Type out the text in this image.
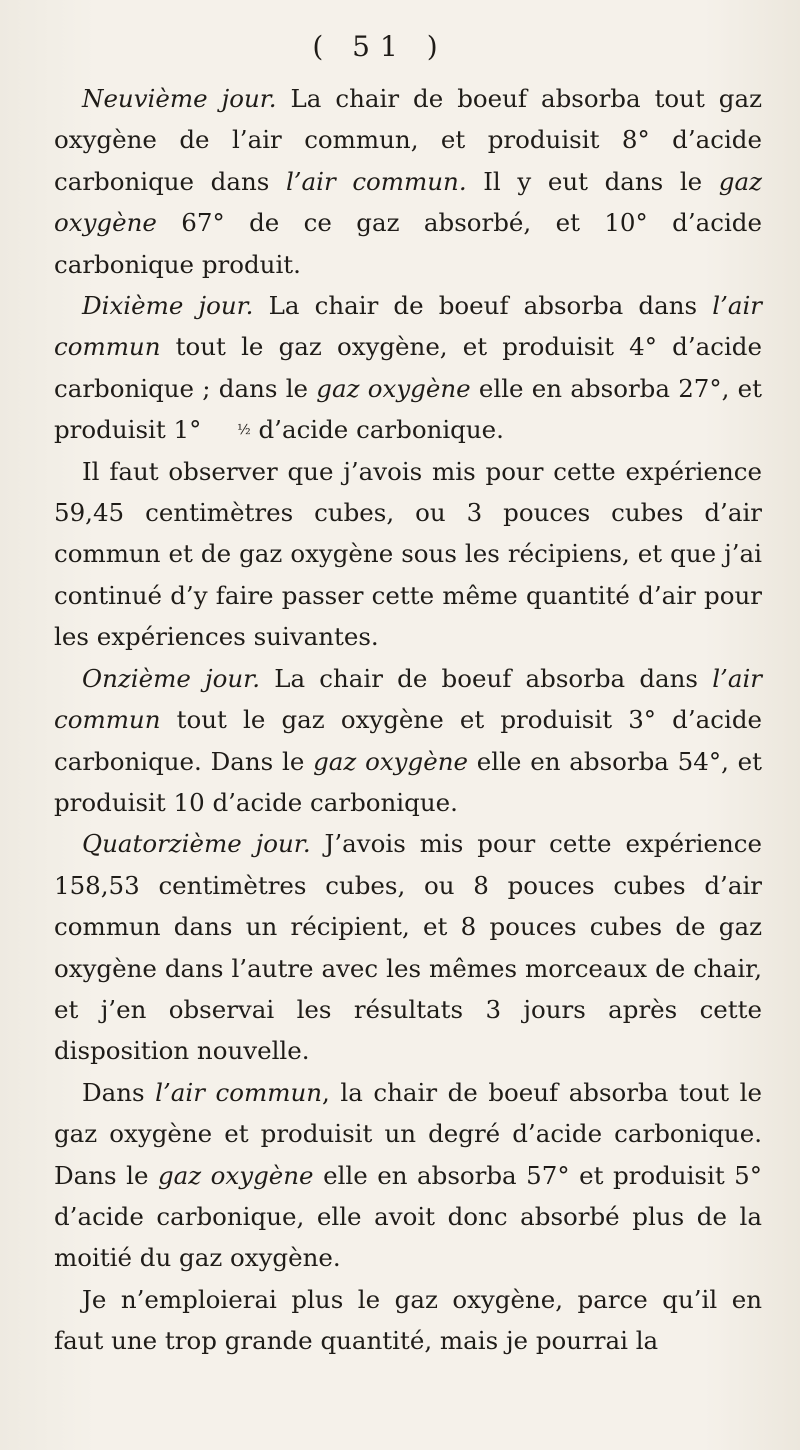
( 51 )

Neuvième jour. La chair de boeuf absorba tout gaz oxygène de l’air commun, et produisit 8° d’acide carbonique dans l’air commun. Il y eut dans le gaz oxygène 67° de ce gaz absorbé, et 10° d’acide carbonique produit.

Dixième jour. La chair de boeuf absorba dans l’air commun tout le gaz oxygène, et produisit 4° d’acide carbonique ; dans le gaz oxygène elle en absorba 27°, et produisit 1° ½ d’acide carbonique.

Il faut observer que j’avois mis pour cette expérience 59,45 centimètres cubes, ou 3 pouces cubes d’air commun et de gaz oxygène sous les récipiens, et que j’ai continué d’y faire passer cette même quantité d’air pour les expériences suivantes.

Onzième jour. La chair de boeuf absorba dans l’air commun tout le gaz oxygène et produisit 3° d’acide carbonique. Dans le gaz oxygène elle en absorba 54°, et produisit 10 d’acide carbonique.

Quatorzième jour. J’avois mis pour cette expérience 158,53 centimètres cubes, ou 8 pouces cubes d’air commun dans un récipient, et 8 pouces cubes de gaz oxygène dans l’autre avec les mêmes morceaux de chair, et j’en observai les résultats 3 jours après cette disposition nouvelle.

Dans l’air commun, la chair de boeuf absorba tout le gaz oxygène et produisit un degré d’acide carbonique. Dans le gaz oxygène elle en absorba 57° et produisit 5° d’acide carbonique, elle avoit donc absorbé plus de la moitié du gaz oxygène.

Je n’emploierai plus le gaz oxygène, parce qu’il en faut une trop grande quantité, mais je pourrai la
